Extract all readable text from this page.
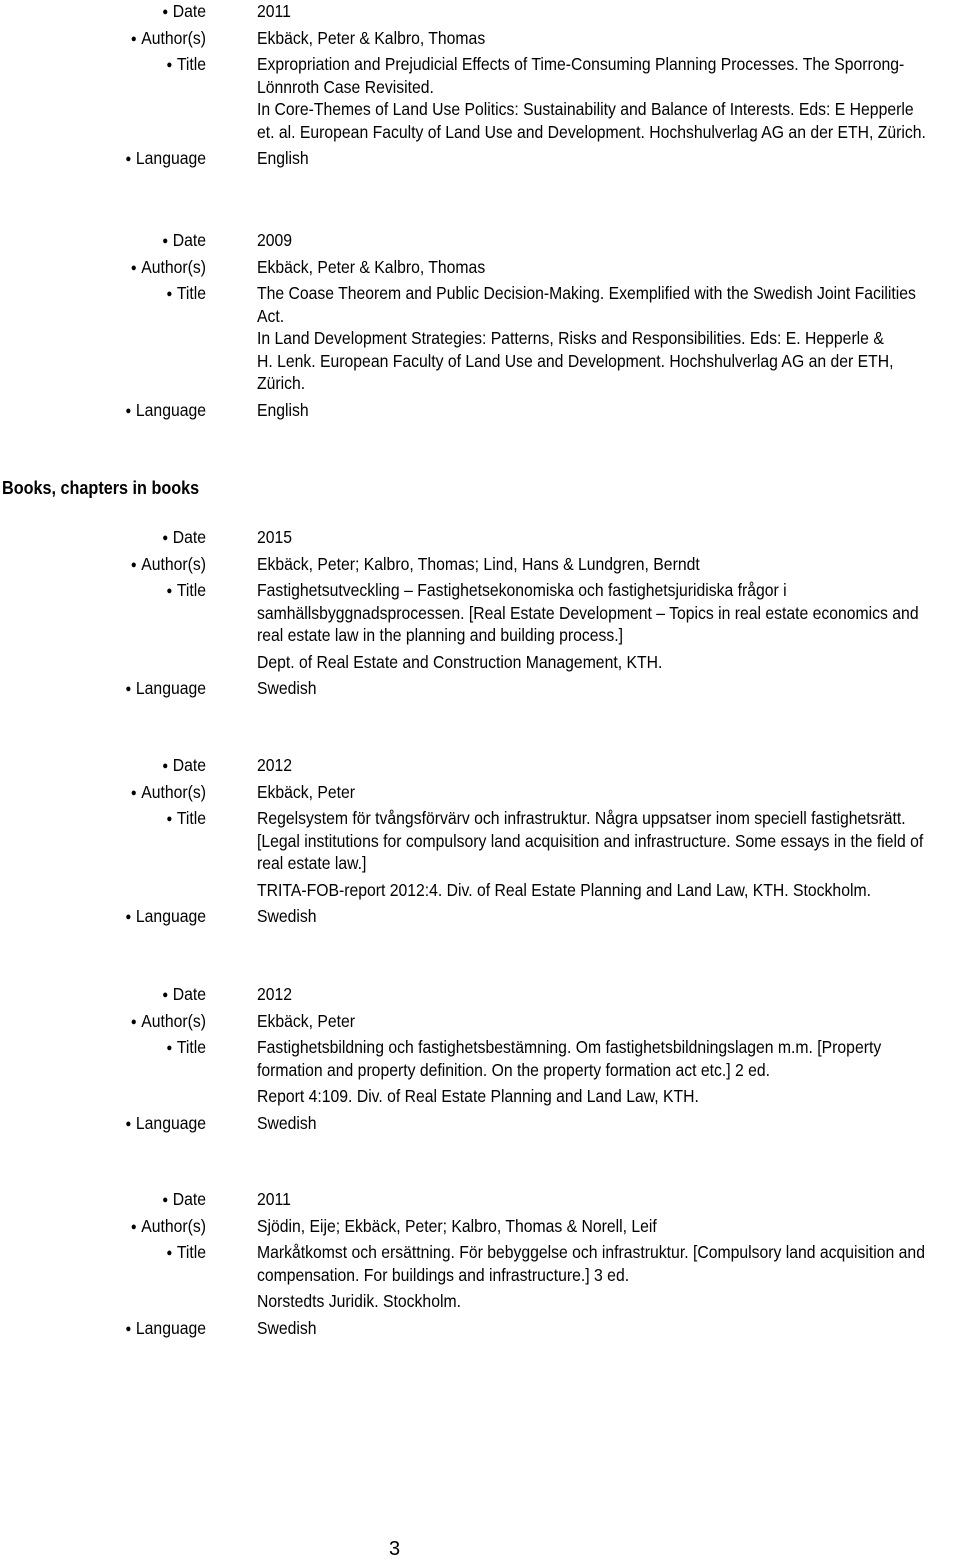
● Date	2011
● Author(s)	Ekbäck, Peter & Kalbro, Thomas
● Title	Expropriation and Prejudicial Effects of Time-Consuming Planning Processes. The Sporrong-
Lönnroth Case Revisited.
In Core-Themes of Land Use Politics: Sustainability and Balance of Interests. Eds: E Hepperle
et. al. European Faculty of Land Use and Development. Hochshulverlag AG an der ETH, Zürich.
● Language	English
● Date	2009
● Author(s)	Ekbäck, Peter & Kalbro, Thomas
● Title	The Coase Theorem and Public Decision-Making. Exemplified with the Swedish Joint Facilities
Act.
In Land Development Strategies: Patterns, Risks and Responsibilities. Eds: E. Hepperle &
H. Lenk. European Faculty of Land Use and Development. Hochshulverlag AG an der ETH,
Zürich.
● Language	English
Books, chapters in books
● Date	2015
● Author(s)	Ekbäck, Peter; Kalbro, Thomas; Lind, Hans & Lundgren, Berndt
● Title	Fastighetsutveckling – Fastighetsekonomiska och fastighetsjuridiska frågor i
samhällsbyggnadsprocessen. [Real Estate Development – Topics in real estate economics and
real estate law in the planning and building process.]
Dept. of Real Estate and Construction Management, KTH.
● Language	Swedish
● Date	2012
● Author(s)	Ekbäck, Peter
● Title	Regelsystem för tvångsförvärv och infrastruktur. Några uppsatser inom speciell fastighetsrätt.
[Legal institutions for compulsory land acquisition and infrastructure. Some essays in the field of
real estate law.]
TRITA-FOB-report 2012:4. Div. of Real Estate Planning and Land Law, KTH. Stockholm.
● Language	Swedish
● Date	2012
● Author(s)	Ekbäck, Peter
● Title	Fastighetsbildning och fastighetsbestämning. Om fastighetsbildningslagen m.m. [Property
formation and property definition. On the property formation act etc.] 2 ed.
Report 4:109. Div. of Real Estate Planning and Land Law, KTH.
● Language	Swedish
● Date	2011
● Author(s)	Sjödin, Eije; Ekbäck, Peter; Kalbro, Thomas & Norell, Leif
● Title	Markåtkomst och ersättning. För bebyggelse och infrastruktur. [Compulsory land acquisition and
compensation. For buildings and infrastructure.] 3 ed.
Norstedts Juridik. Stockholm.
● Language	Swedish
3
